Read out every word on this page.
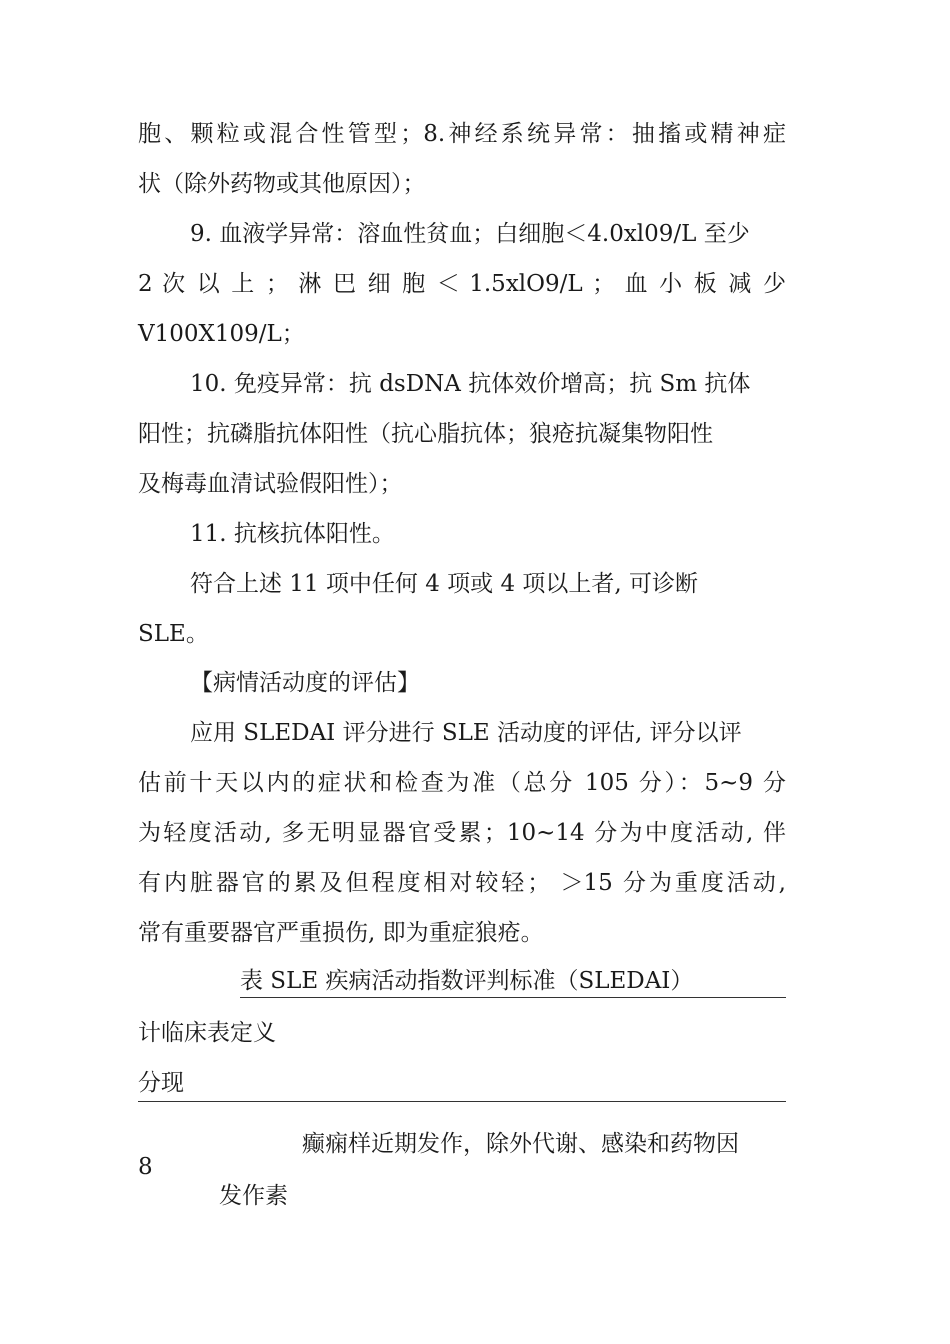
胞、颗粒或混合性管型；8.神经系统异常：抽搐或精神症
状（除外药物或其他原因）；
9. 血液学异常：溶血性贫血；白细胞＜4.0xl09/L 至少
2 次 以 上 ； 淋 巴 细 胞 ＜ 1.5xlO9/L ； 血 小 板 减 少
V100X109/L；
10. 免疫异常：抗 dsDNA 抗体效价增高；抗 Sm 抗体
阳性；抗磷脂抗体阳性（抗心脂抗体；狼疮抗凝集物阳性
及梅毒血清试验假阳性）；
11. 抗核抗体阳性。
符合上述 11 项中任何 4 项或 4 项以上者, 可诊断
SLE。
【病情活动度的评估】
应用 SLEDAI 评分进行 SLE 活动度的评估, 评分以评
估前十天以内的症状和检查为准（总分 105 分）：5~9 分
为轻度活动, 多无明显器官受累；10~14 分为中度活动, 伴
有内脏器官的累及但程度相对较轻； ＞15 分为重度活动,
常有重要器官严重损伤, 即为重症狼疮。
表 SLE 疾病活动指数评判标准（SLEDAI）
计临床表定义
分现
8
癫痫样近期发作，除外代谢、感染和药物因
发作素
